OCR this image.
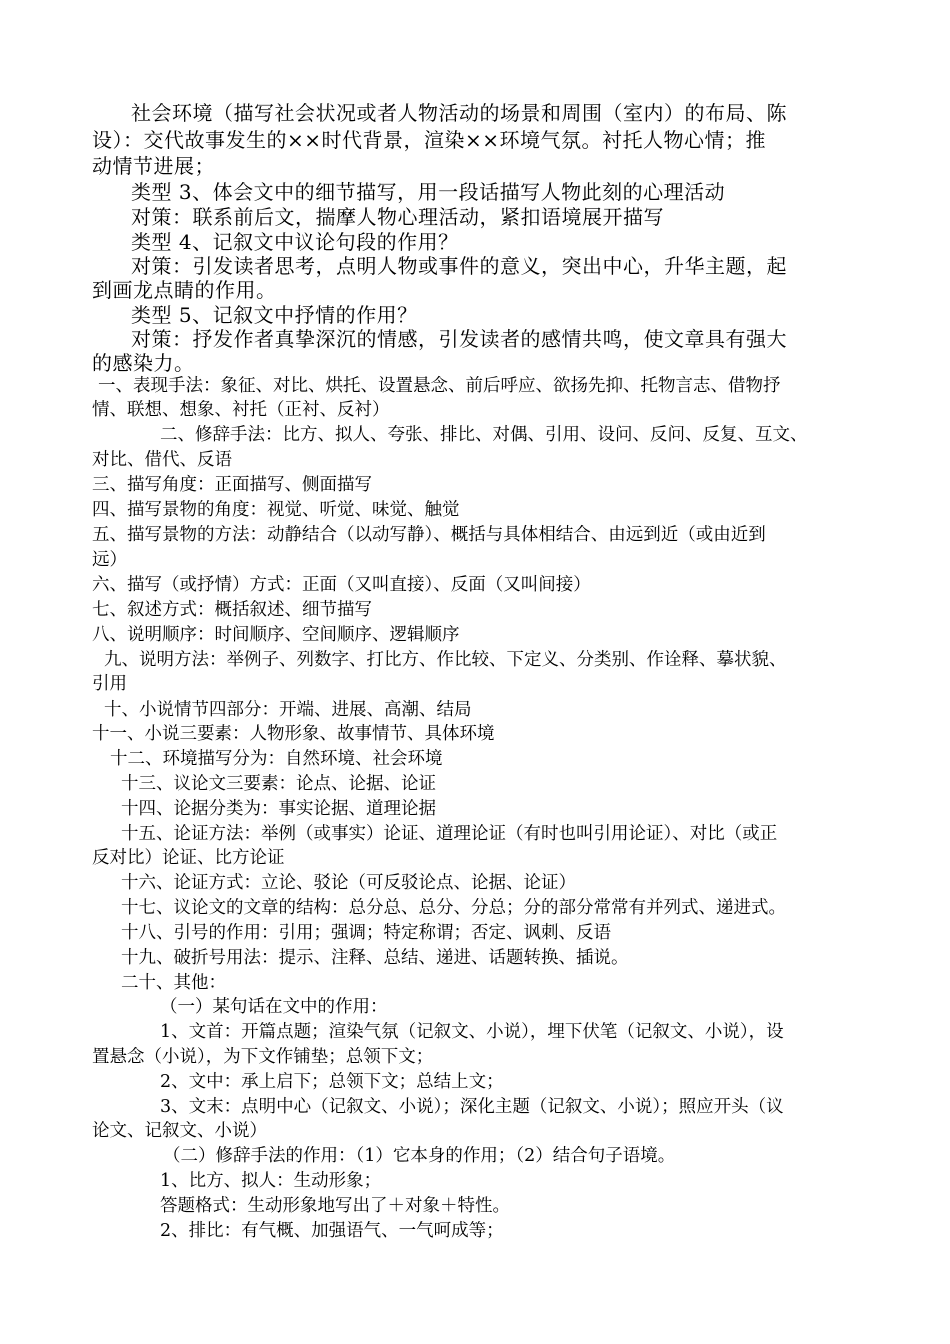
社会环境（描写社会状况或者人物活动的场景和周围（室内）的布局、陈
设）：交代故事发生的××时代背景，渲染××环境气氛。衬托人物心情；推
动情节进展；
类型 3、体会文中的细节描写，用一段话描写人物此刻的心理活动
对策：联系前后文，揣摩人物心理活动，紧扣语境展开描写
类型 4、记叙文中议论句段的作用？
对策：引发读者思考，点明人物或事件的意义，突出中心，升华主题，起
到画龙点睛的作用。
类型 5、记叙文中抒情的作用？
对策：抒发作者真挚深沉的情感，引发读者的感情共鸣，使文章具有强大
的感染力。
一、表现手法：象征、对比、烘托、设置悬念、前后呼应、欲扬先抑、托物言志、借物抒
情、联想、想象、衬托（正衬、反衬）
二、修辞手法：比方、拟人、夸张、排比、对偶、引用、设问、反问、反复、互文、
对比、借代、反语
三、描写角度：正面描写、侧面描写
四、描写景物的角度：视觉、听觉、味觉、触觉
五、描写景物的方法：动静结合（以动写静）、概括与具体相结合、由远到近（或由近到
远）
六、描写（或抒情）方式：正面（又叫直接）、反面（又叫间接）
七、叙述方式：概括叙述、细节描写
八、说明顺序：时间顺序、空间顺序、逻辑顺序
九、说明方法：举例子、列数字、打比方、作比较、下定义、分类别、作诠释、摹状貌、
引用
十、小说情节四部分：开端、进展、高潮、结局
十一、小说三要素：人物形象、故事情节、具体环境
十二、环境描写分为：自然环境、社会环境
十三、议论文三要素：论点、论据、论证
十四、论据分类为：事实论据、道理论据
十五、论证方法：举例（或事实）论证、道理论证（有时也叫引用论证）、对比（或正
反对比）论证、比方论证
十六、论证方式：立论、驳论（可反驳论点、论据、论证）
十七、议论文的文章的结构：总分总、总分、分总；分的部分常常有并列式、递进式。
十八、引号的作用：引用；强调；特定称谓；否定、讽刺、反语
十九、破折号用法：提示、注释、总结、递进、话题转换、插说。
二十、其他：
（一）某句话在文中的作用：
1、文首：开篇点题；渲染气氛（记叙文、小说），埋下伏笔（记叙文、小说），设
置悬念（小说），为下文作铺垫；总领下文；
2、文中：承上启下；总领下文；总结上文；
3、文末：点明中心（记叙文、小说）；深化主题（记叙文、小说）；照应开头（议
论文、记叙文、小说）
（二）修辞手法的作用：（1）它本身的作用；（2）结合句子语境。
1、比方、拟人：生动形象；
答题格式：生动形象地写出了＋对象＋特性。
2、排比：有气概、加强语气、一气呵成等；
